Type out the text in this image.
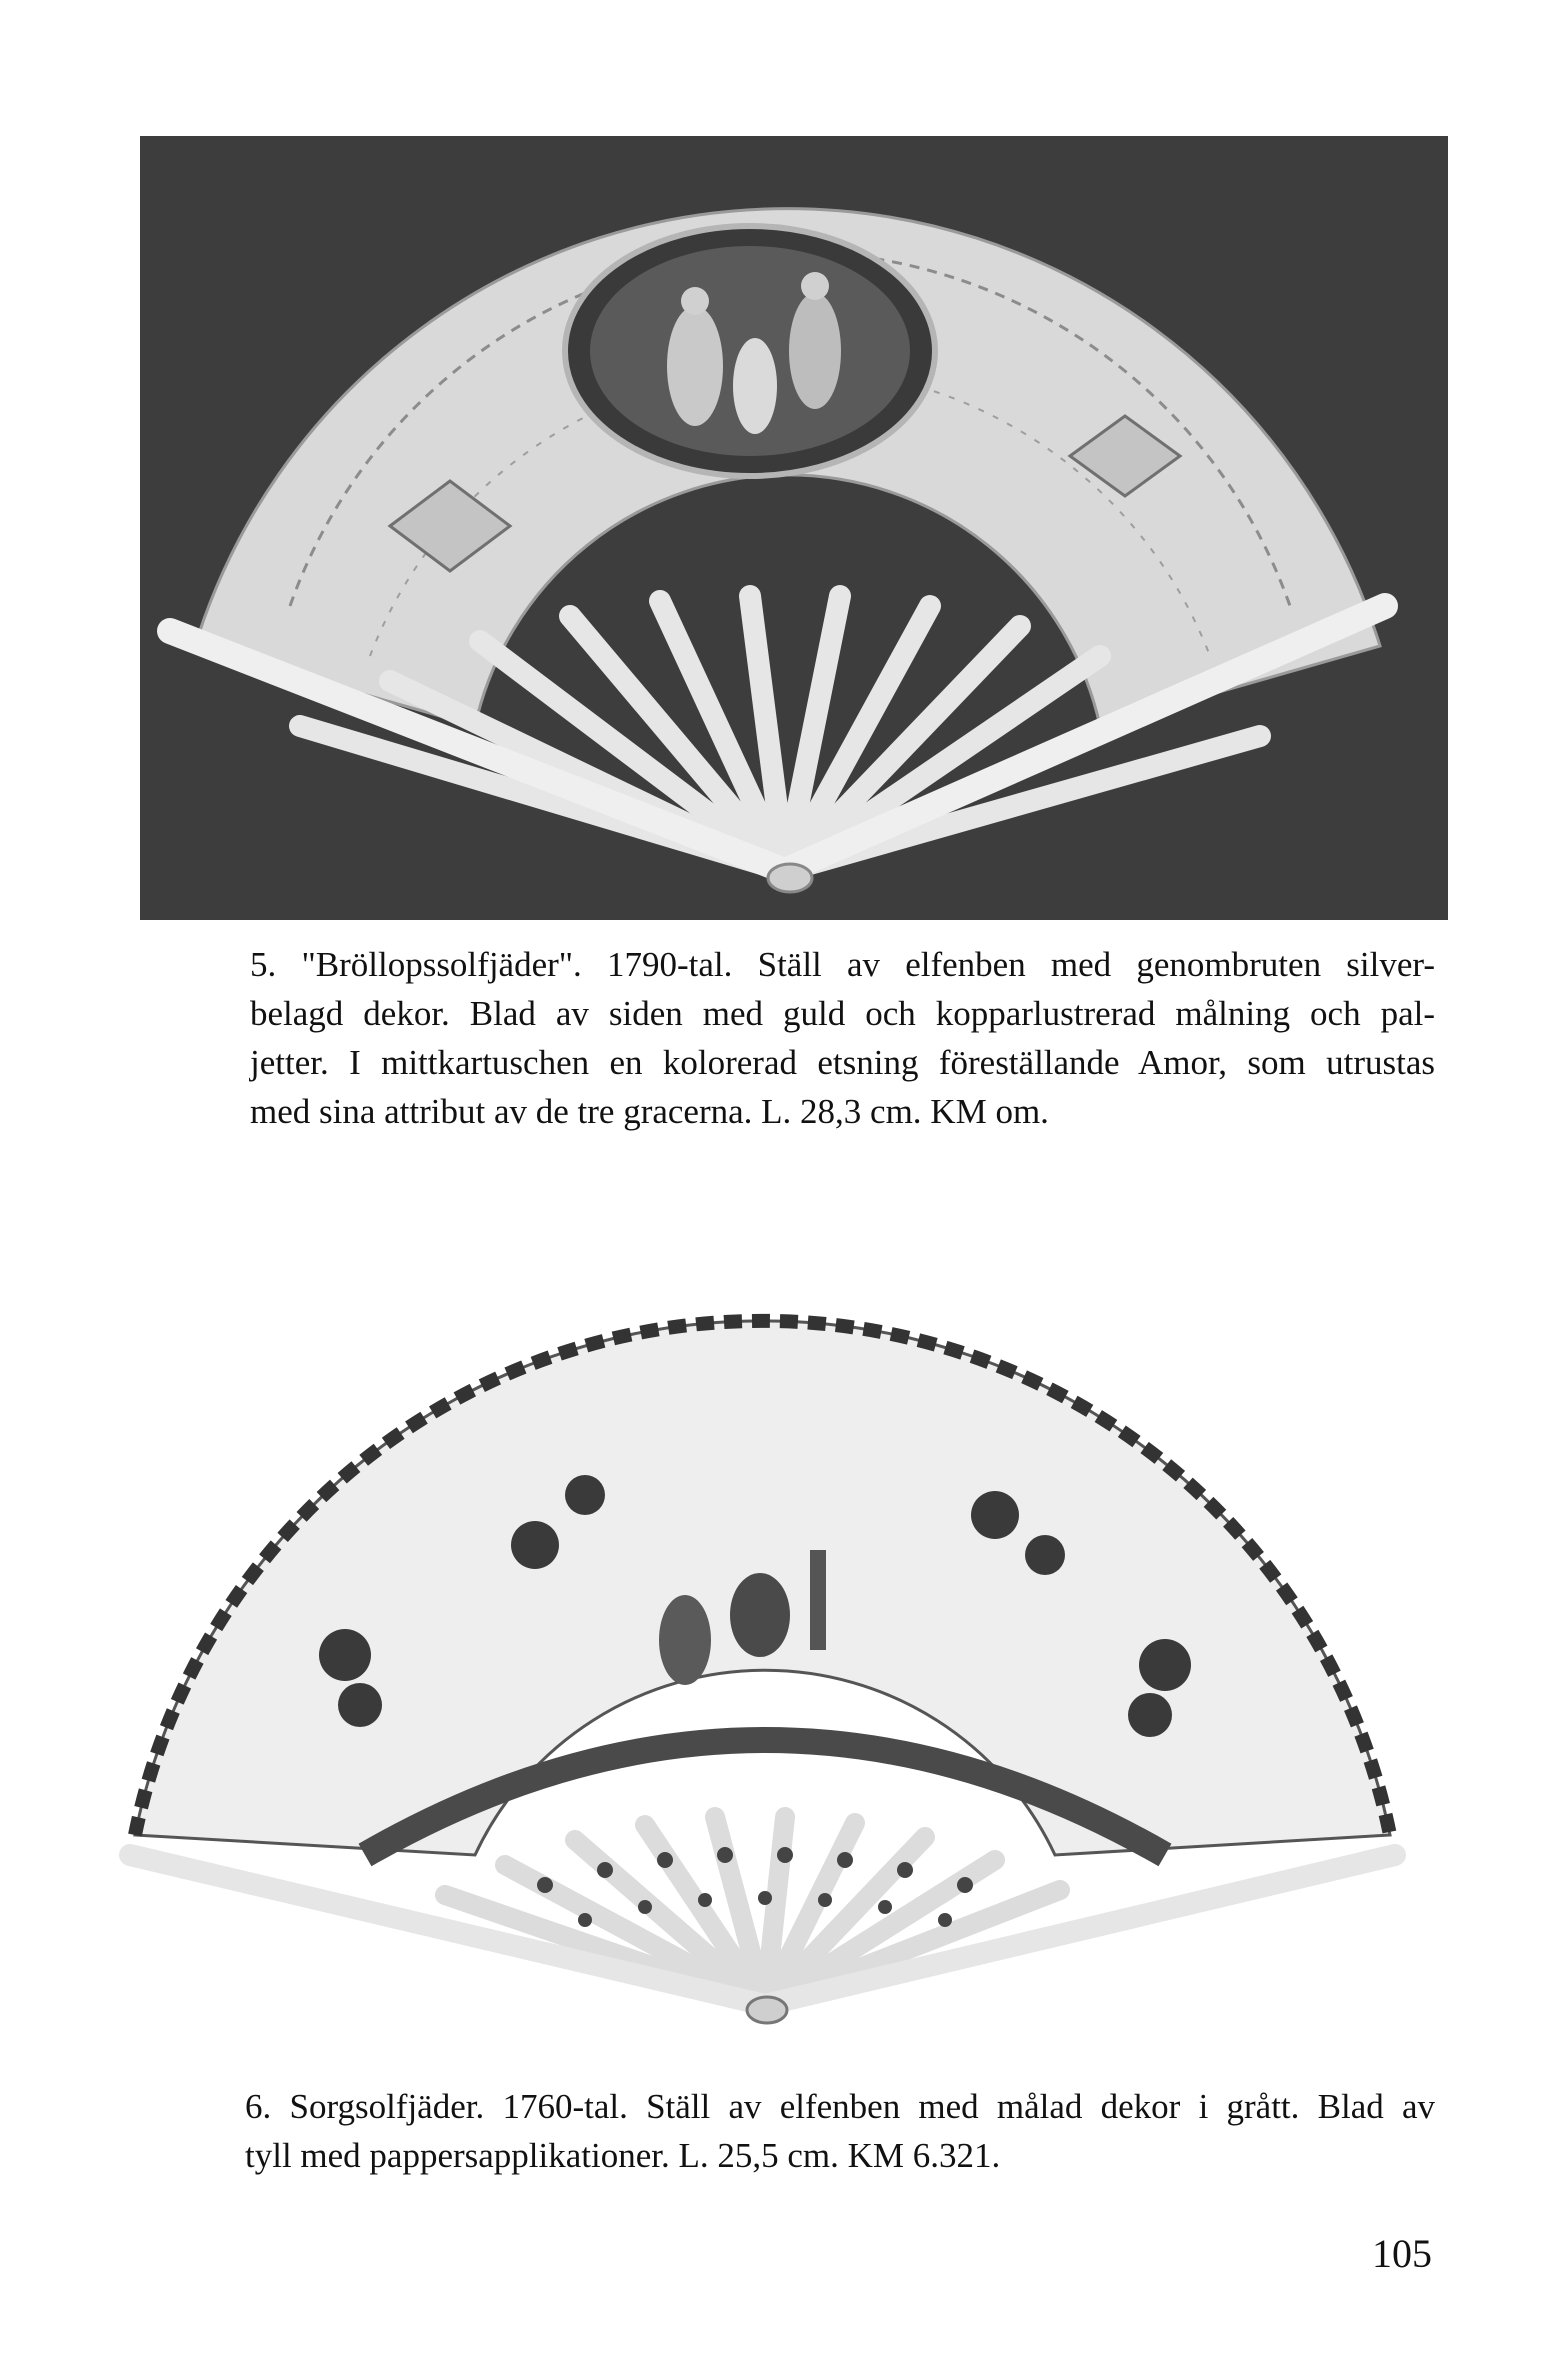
5. "Bröllopssolfjäder". 1790-tal. Ställ av elfenben med genombruten silver-
belagd dekor. Blad av siden med guld och kopparlustrerad målning och pal-
jetter. I mittkartuschen en kolorerad etsning föreställande Amor, som utrustas
med sina attribut av de tre gracerna. L. 28,3 cm. KM om.
6. Sorgsolfjäder. 1760-tal. Ställ av elfenben med målad dekor i grått. Blad av
tyll med pappersapplikationer. L. 25,5 cm. KM 6.321.
105
